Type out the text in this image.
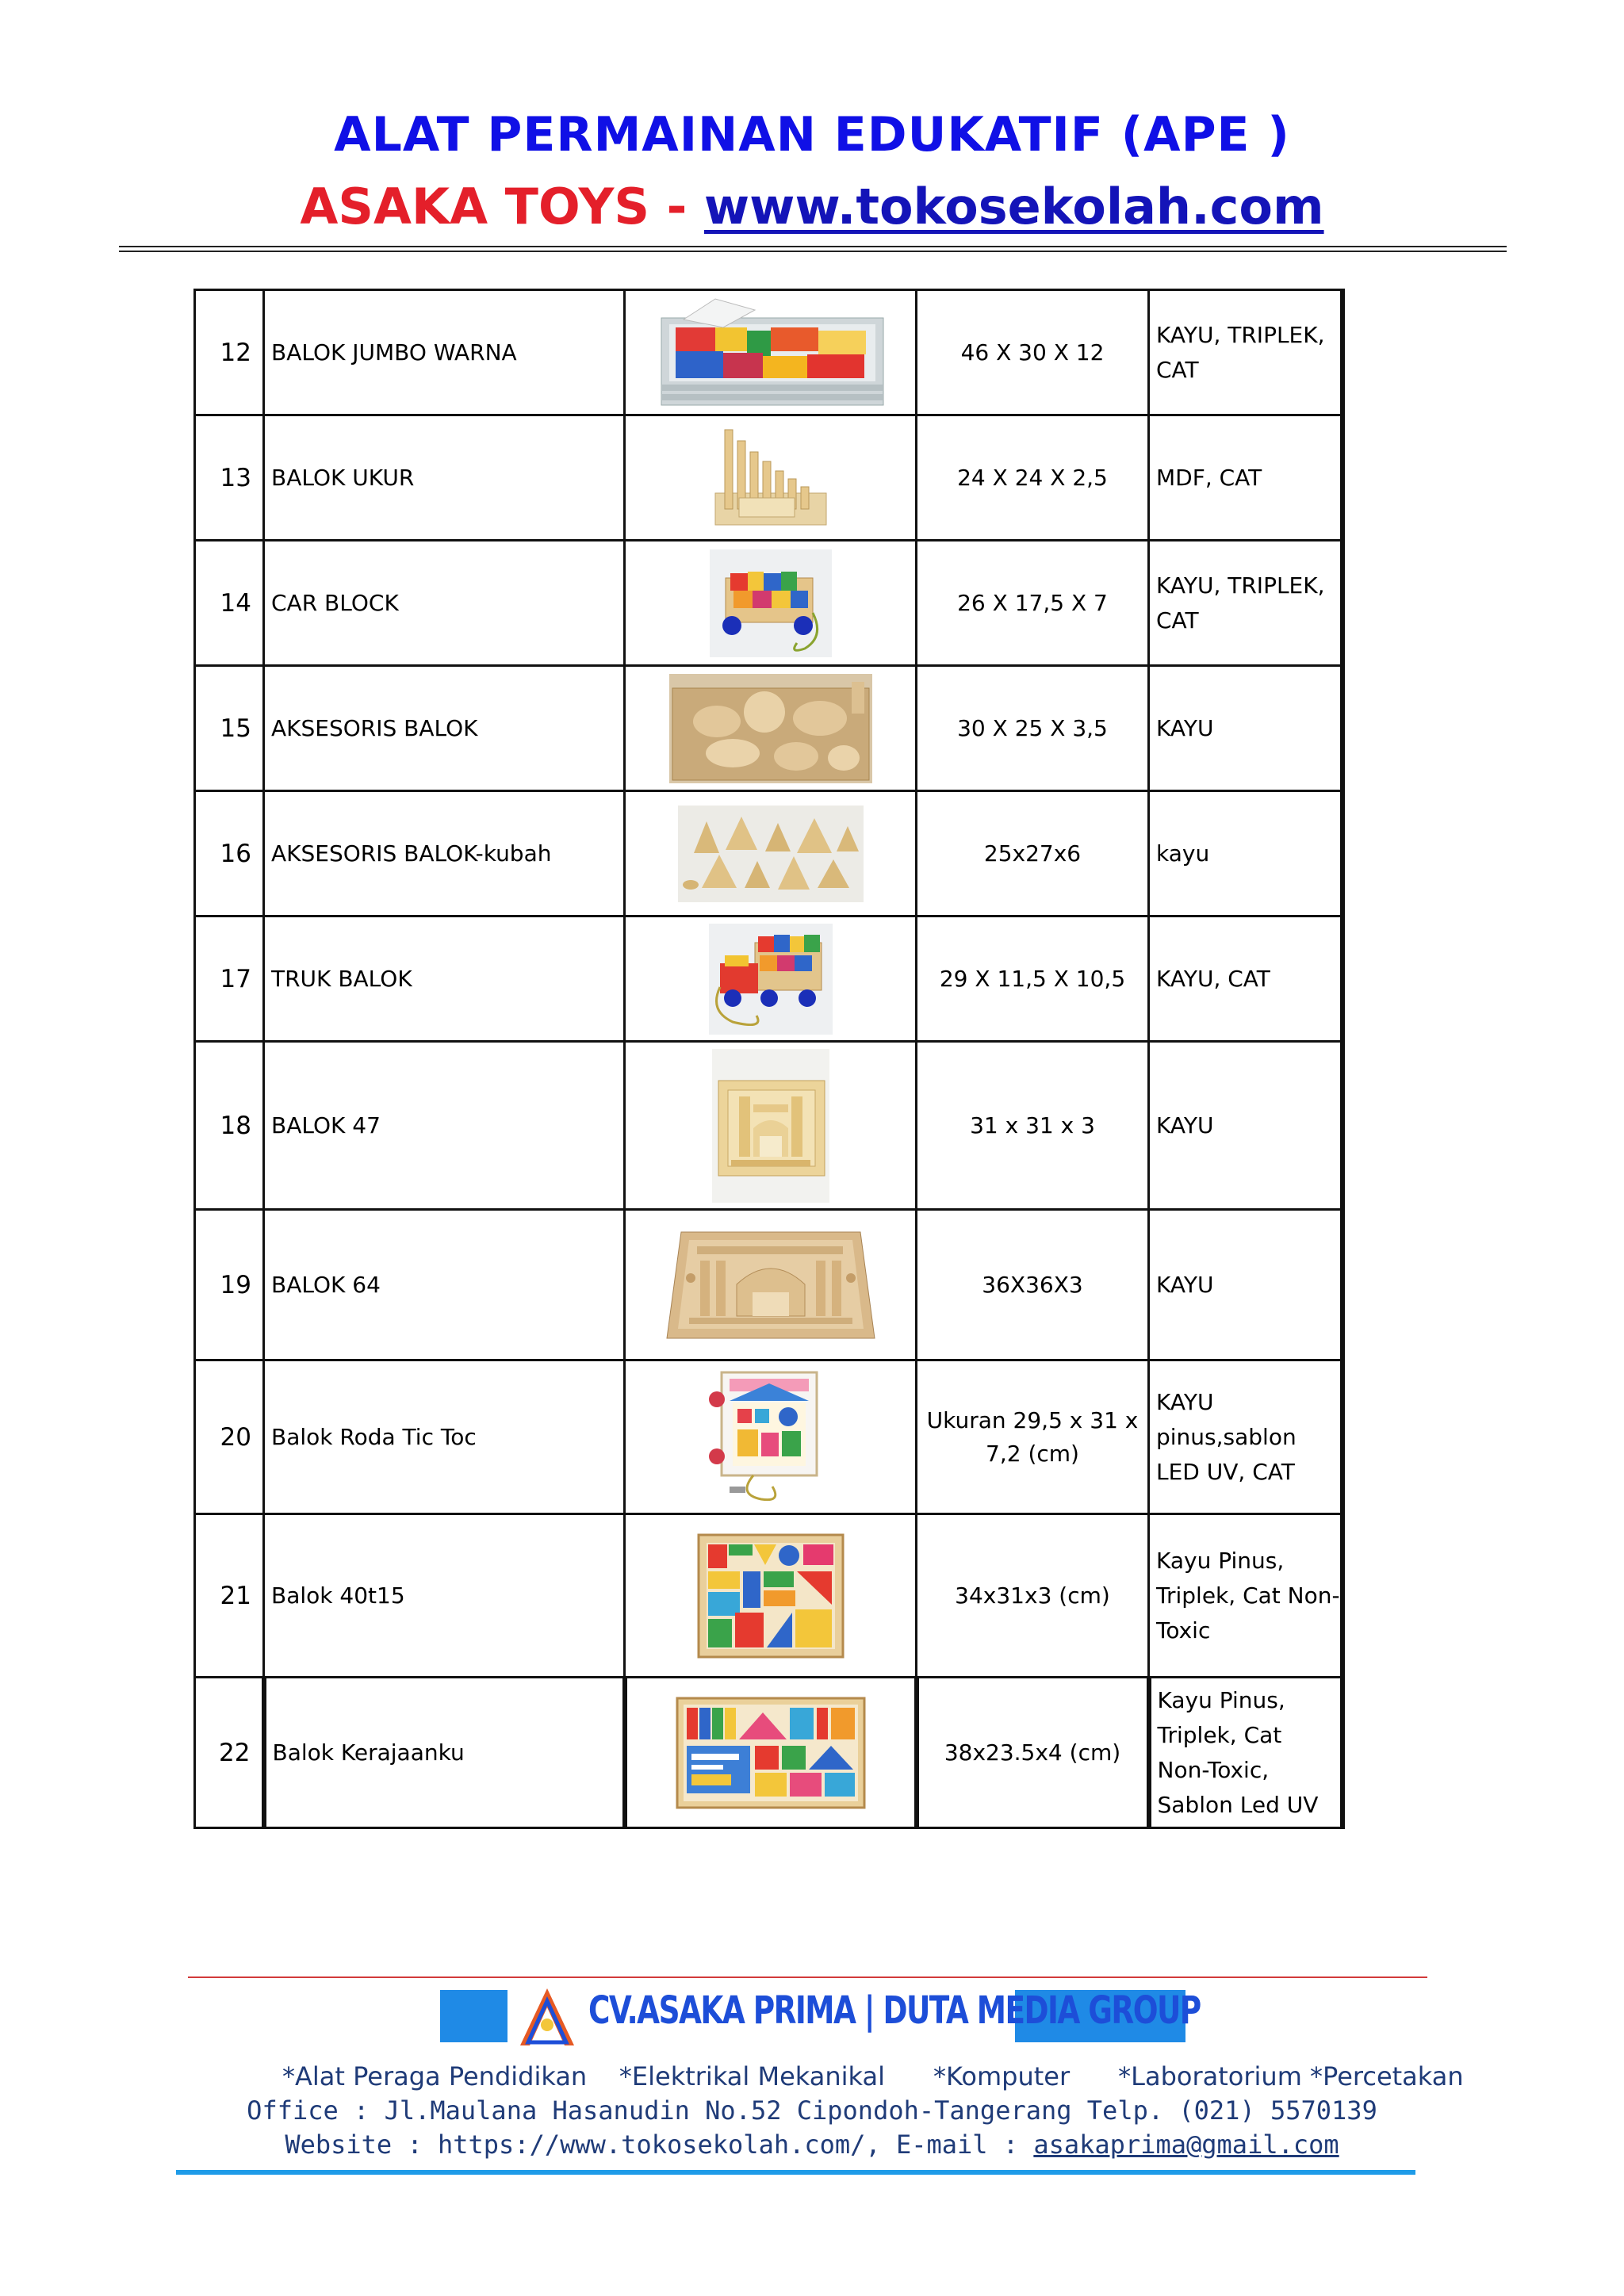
ALAT PERMAINAN EDUKATIF (APE )
ASAKA TOYS - www.tokosekolah.com
12	BALOK JUMBO WARNA		46 X 30 X 12	KAYU, TRIPLEK, CAT
13	BALOK UKUR		24 X 24 X 2,5	MDF, CAT
14	CAR BLOCK		26 X 17,5 X 7	KAYU, TRIPLEK, CAT
15	AKSESORIS BALOK		30 X 25 X 3,5	KAYU
16	AKSESORIS BALOK-kubah		25x27x6	kayu
17	TRUK BALOK		29 X 11,5 X 10,5	KAYU, CAT
18	BALOK 47		31 x 31 x 3	KAYU
19	BALOK 64		36X36X3	KAYU
20	Balok Roda Tic Toc		Ukuran 29,5 x 31 x 7,2 (cm)	KAYU pinus,sablon LED UV, CAT
21	Balok 40t15		34x31x3 (cm)	Kayu Pinus, Triplek, Cat Non-Toxic
22	Balok Kerajaanku		38x23.5x4 (cm)	Kayu Pinus, Triplek, Cat Non-Toxic, Sablon Led UV
CV.ASAKA PRIMA | DUTA MEDIA GROUP
*Alat Peraga Pendidikan    *Elektrikal Mekanikal      *Komputer      *Laboratorium *Percetakan
Office : Jl.Maulana Hasanudin No.52 Cipondoh-Tangerang Telp. (021) 5570139
Website : https://www.tokosekolah.com/, E-mail : asakaprima@gmail.com
